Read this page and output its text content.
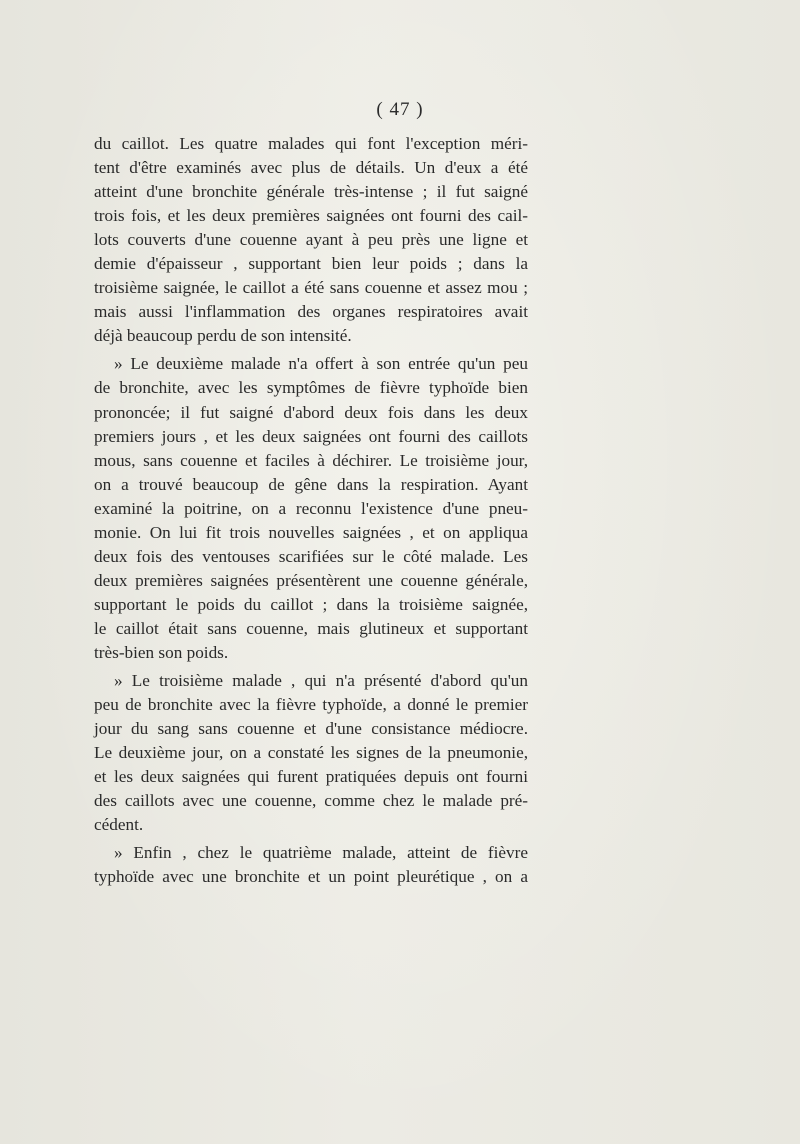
( 47 )
du caillot. Les quatre malades qui font l'exception méri-
tent d'être examinés avec plus de détails. Un d'eux a été
atteint d'une bronchite générale très-intense ; il fut saigné
trois fois, et les deux premières saignées ont fourni des cail-
lots couverts d'une couenne ayant à peu près une ligne et
demie d'épaisseur , supportant bien leur poids ; dans la
troisième saignée, le caillot a été sans couenne et assez mou ;
mais aussi l'inflammation des organes respiratoires avait
déjà beaucoup perdu de son intensité.
» Le deuxième malade n'a offert à son entrée qu'un peu
de bronchite, avec les symptômes de fièvre typhoïde bien
prononcée; il fut saigné d'abord deux fois dans les deux
premiers jours , et les deux saignées ont fourni des caillots
mous, sans couenne et faciles à déchirer. Le troisième jour,
on a trouvé beaucoup de gêne dans la respiration. Ayant
examiné la poitrine, on a reconnu l'existence d'une pneu-
monie. On lui fit trois nouvelles saignées , et on appliqua
deux fois des ventouses scarifiées sur le côté malade. Les
deux premières saignées présentèrent une couenne générale,
supportant le poids du caillot ; dans la troisième saignée,
le caillot était sans couenne, mais glutineux et supportant
très-bien son poids.
» Le troisième malade , qui n'a présenté d'abord qu'un
peu de bronchite avec la fièvre typhoïde, a donné le premier
jour du sang sans couenne et d'une consistance médiocre.
Le deuxième jour, on a constaté les signes de la pneumonie,
et les deux saignées qui furent pratiquées depuis ont fourni
des caillots avec une couenne, comme chez le malade pré-
cédent.
» Enfin , chez le quatrième malade, atteint de fièvre
typhoïde avec une bronchite et un point pleurétique , on a
